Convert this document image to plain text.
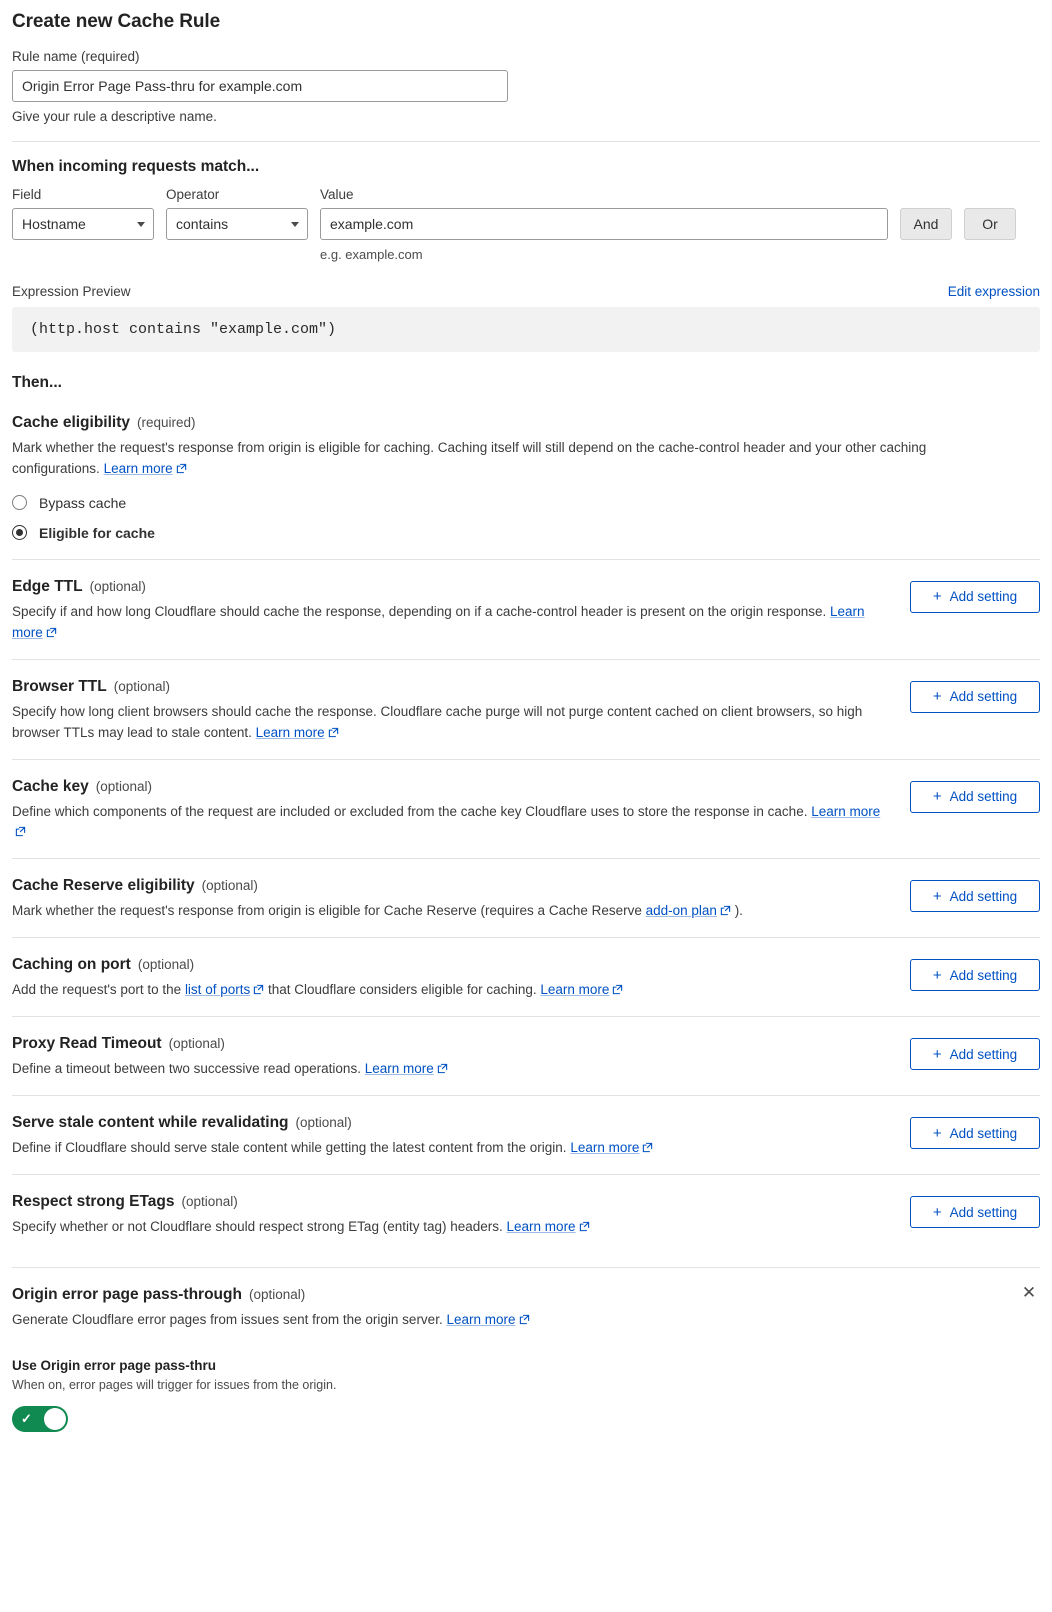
Create new Cache Rule
Rule name (required)
Origin Error Page Pass-thru for example.com
Give your rule a descriptive name.
When incoming requests match...
Field
Hostname
Operator
contains
Value
example.com
e.g. example.com

And
	Or
Expression Preview	Edit expression
(http.host contains "example.com")
Then...
Cache eligibility (required)
Mark whether the request's response from origin is eligible for caching. Caching itself will still depend on the cache-control header and your other caching configurations. Learn more
Bypass cache
Eligible for cache
Edge TTL (optional)
Specify if and how long Cloudflare should cache the response, depending on if a cache-control header is present on the origin response. Learn more
+ Add setting
Browser TTL (optional)
Specify how long client browsers should cache the response. Cloudflare cache purge will not purge content cached on client browsers, so high browser TTLs may lead to stale content. Learn more
+ Add setting
Cache key (optional)
Define which components of the request are included or excluded from the cache key Cloudflare uses to store the response in cache. Learn more
+ Add setting
Cache Reserve eligibility (optional)
Mark whether the request's response from origin is eligible for Cache Reserve (requires a Cache Reserve add-on plan ).
+ Add setting
Caching on port (optional)
Add the request's port to the list of ports that Cloudflare considers eligible for caching. Learn more
+ Add setting
Proxy Read Timeout (optional)
Define a timeout between two successive read operations. Learn more
+ Add setting
Serve stale content while revalidating (optional)
Define if Cloudflare should serve stale content while getting the latest content from the origin. Learn more
+ Add setting
Respect strong ETags (optional)
Specify whether or not Cloudflare should respect strong ETag (entity tag) headers. Learn more
+ Add setting
✕
Origin error page pass-through (optional)
Generate Cloudflare error pages from issues sent from the origin server. Learn more
Use Origin error page pass-thru
When on, error pages will trigger for issues from the origin.
✓
